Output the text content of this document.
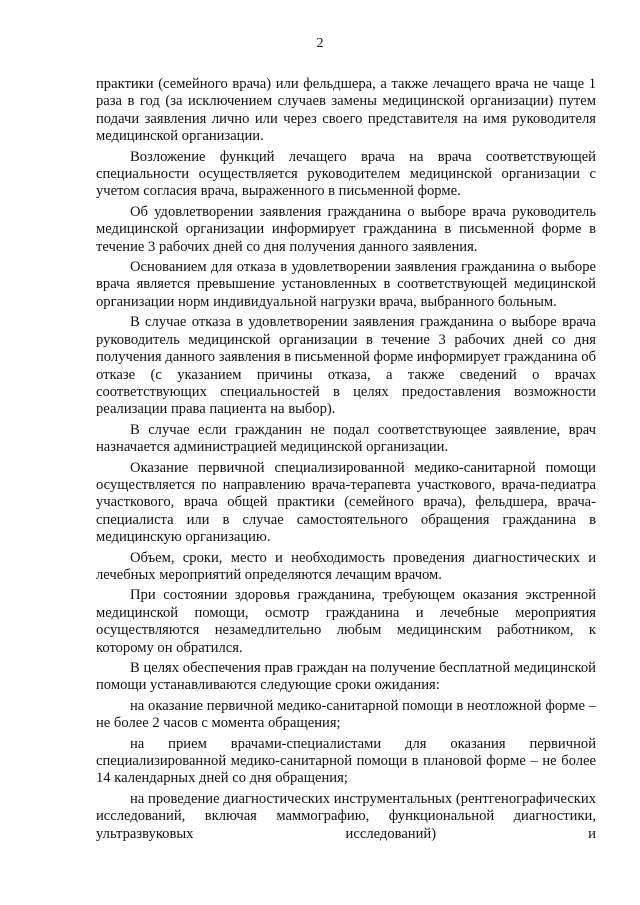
2

практики (семейного врача) или фельдшера, а также лечащего врача не чаще 1 раза в год (за исключением случаев замены медицинской организации) путем подачи заявления лично или через своего представителя на имя руководителя медицинской организации.

Возложение функций лечащего врача на врача соответствующей специальности осуществляется руководителем медицинской организации с учетом согласия врача, выраженного в письменной форме.

Об удовлетворении заявления гражданина о выборе врача руководитель медицинской организации информирует гражданина в письменной форме в течение 3 рабочих дней со дня получения данного заявления.

Основанием для отказа в удовлетворении заявления гражданина о выборе врача является превышение установленных в соответствующей медицинской организации норм индивидуальной нагрузки врача, выбранного больным.

В случае отказа в удовлетворении заявления гражданина о выборе врача руководитель медицинской организации в течение 3 рабочих дней со дня получения данного заявления в письменной форме информирует гражданина об отказе (с указанием причины отказа, а также сведений о врачах соответствующих специальностей в целях предоставления возможности реализации права пациента на выбор).

В случае если гражданин не подал соответствующее заявление, врач назначается администрацией медицинской организации.

Оказание первичной специализированной медико-санитарной помощи осуществляется по направлению врача-терапевта участкового, врача-педиатра участкового, врача общей практики (семейного врача), фельдшера, врача-специалиста или в случае самостоятельного обращения гражданина в медицинскую организацию.

Объем, сроки, место и необходимость проведения диагностических и лечебных мероприятий определяются лечащим врачом.

При состоянии здоровья гражданина, требующем оказания экстренной медицинской помощи, осмотр гражданина и лечебные мероприятия осуществляются незамедлительно любым медицинским работником, к которому он обратился.

В целях обеспечения прав граждан на получение бесплатной медицинской помощи устанавливаются следующие сроки ожидания:

на оказание первичной медико-санитарной помощи в неотложной форме – не более 2 часов с момента обращения;

на прием врачами-специалистами для оказания первичной специализированной медико-санитарной помощи в плановой форме – не более 14 календарных дней со дня обращения;

на проведение диагностических инструментальных (рентгенографических исследований, включая маммографию, функциональной диагностики, ультразвуковых исследований) и
